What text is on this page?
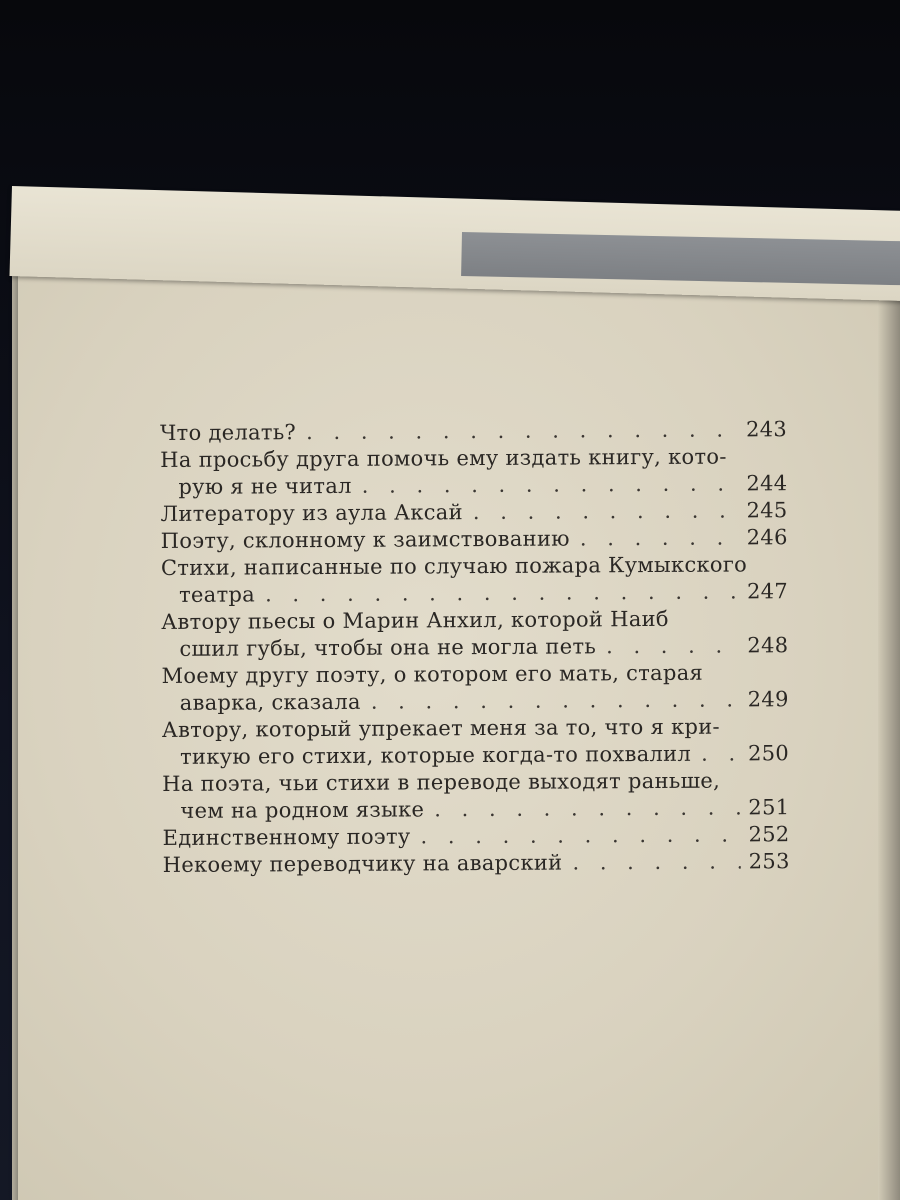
Что делать? . . .	243
На просьбу друга помочь ему издать книгу, кото-
рую я не читал . . .	244
Литератору из аула Аксай . . .	245
Поэту, склонному к заимствованию . . .	246
Стихи, написанные по случаю пожара Кумыкского
театра . . .	247
Автору пьесы о Марин Анхил, которой Наиб
сшил губы, чтобы она не могла петь . . .	248
Моему другу поэту, о котором его мать, старая
аварка, сказала . . .	249
Автору, который упрекает меня за то, что я кри-
тикую его стихи, которые когда-то похвалил . . .	250
На поэта, чьи стихи в переводе выходят раньше,
чем на родном языке . . .	251
Единственному поэту . . .	252
Некоему переводчику на аварский . . .	253
